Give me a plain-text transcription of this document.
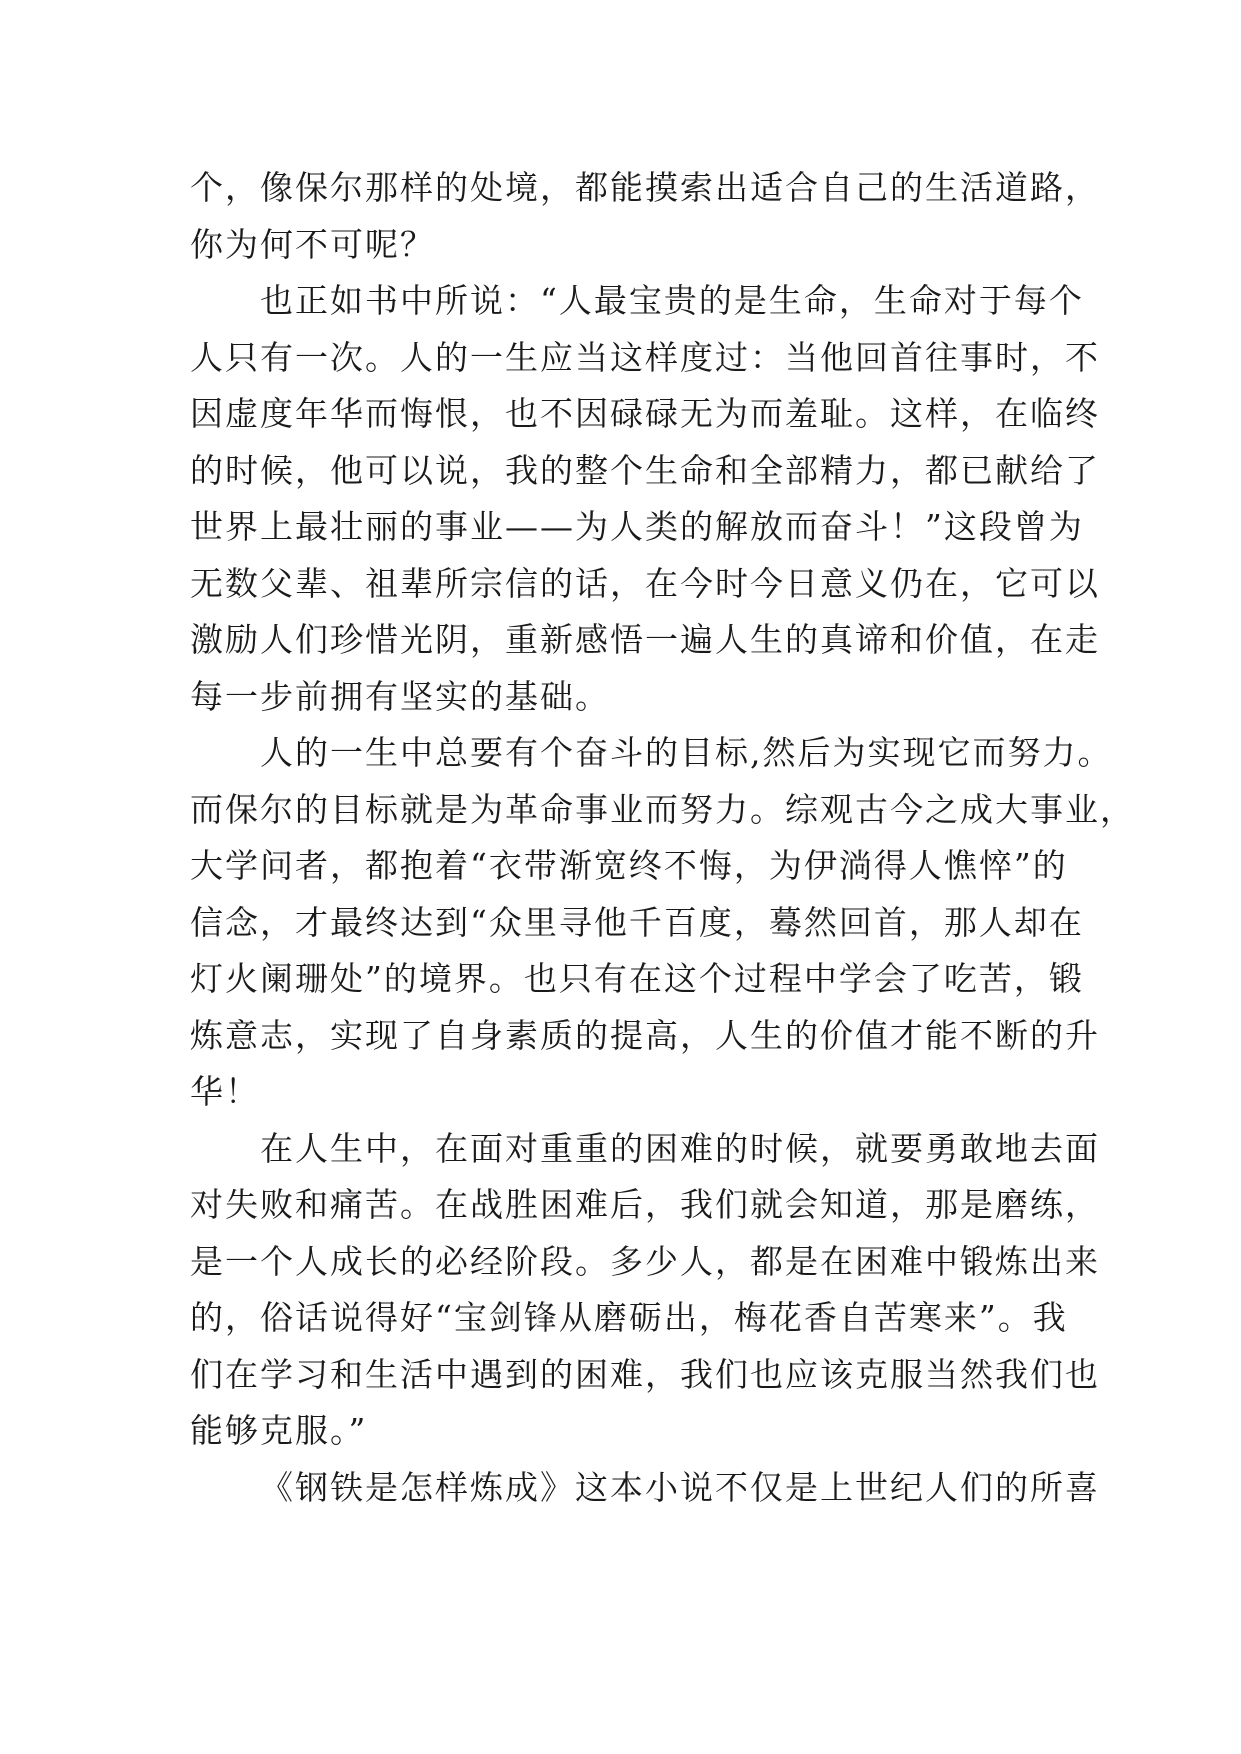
个，像保尔那样的处境，都能摸索出适合自己的生活道路，
你为何不可呢？
也正如书中所说：“人最宝贵的是生命，生命对于每个
人只有一次。人的一生应当这样度过：当他回首往事时，不
因虚度年华而悔恨，也不因碌碌无为而羞耻。这样，在临终
的时候，他可以说，我的整个生命和全部精力，都已献给了
世界上最壮丽的事业——为人类的解放而奋斗！”这段曾为
无数父辈、祖辈所宗信的话，在今时今日意义仍在，它可以
激励人们珍惜光阴，重新感悟一遍人生的真谛和价值，在走
每一步前拥有坚实的基础。
人的一生中总要有个奋斗的目标,然后为实现它而努力。
而保尔的目标就是为革命事业而努力。综观古今之成大事业，
大学问者，都抱着“衣带渐宽终不悔，为伊淌得人憔悴”的
信念，才最终达到“众里寻他千百度，蓦然回首，那人却在
灯火阑珊处”的境界。也只有在这个过程中学会了吃苦，锻
炼意志，实现了自身素质的提高，人生的价值才能不断的升
华！
在人生中，在面对重重的困难的时候，就要勇敢地去面
对失败和痛苦。在战胜困难后，我们就会知道，那是磨练，
是一个人成长的必经阶段。多少人，都是在困难中锻炼出来
的，俗话说得好“宝剑锋从磨砺出，梅花香自苦寒来”。我
们在学习和生活中遇到的困难，我们也应该克服当然我们也
能够克服。”
《钢铁是怎样炼成》这本小说不仅是上世纪人们的所喜
